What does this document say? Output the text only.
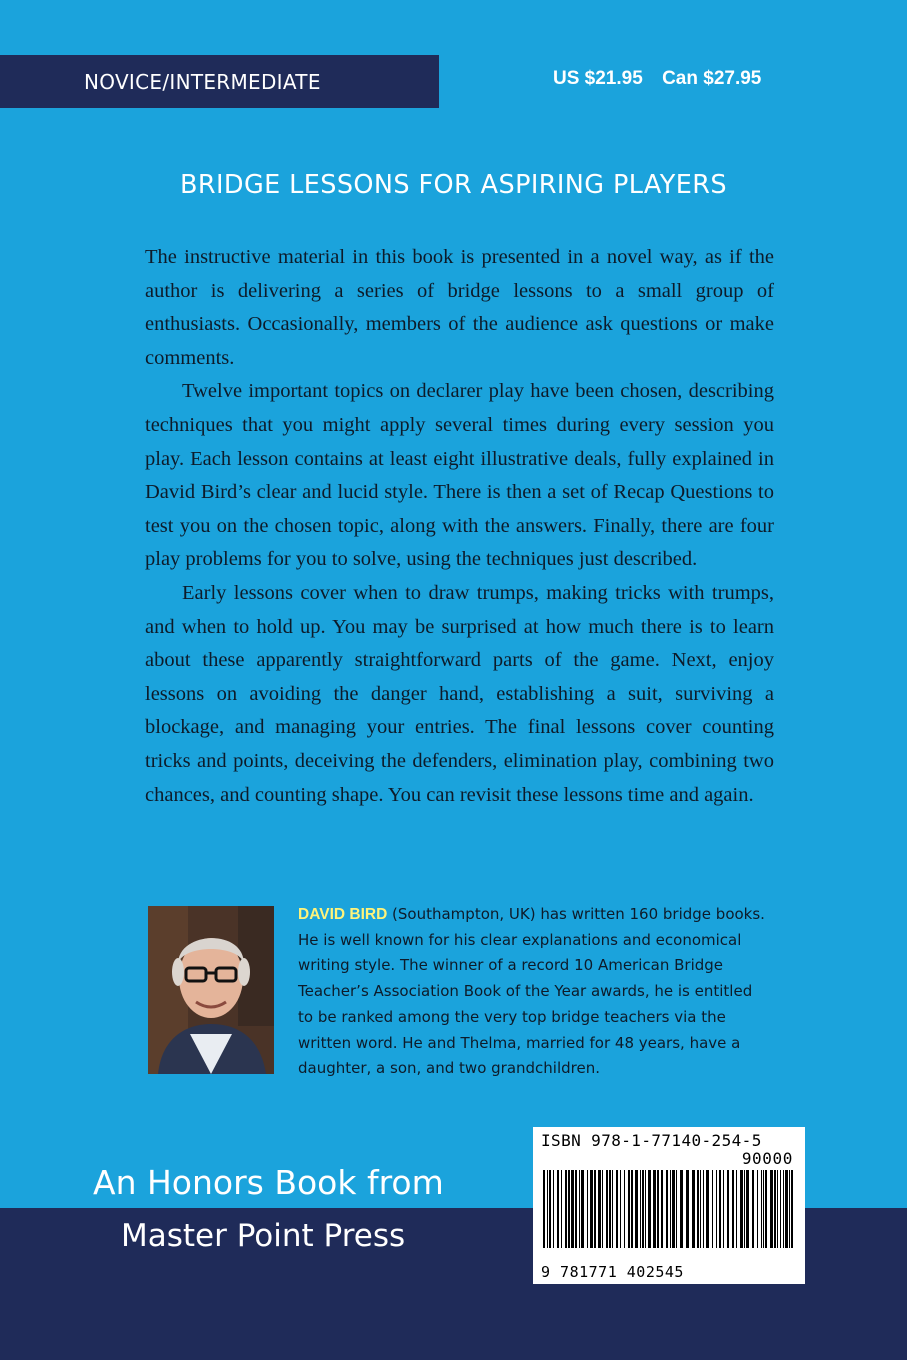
NOVICE/INTERMEDIATE	US $21.95 Can $27.95
BRIDGE LESSONS FOR ASPIRING PLAYERS

The instructive material in this book is presented in a novel way, as if the author is delivering a series of bridge lessons to a small group of enthusiasts. Occasionally, members of the audience ask questions or make comments.

Twelve important topics on declarer play have been chosen, describing techniques that you might apply several times during every session you play. Each lesson contains at least eight illustrative deals, fully explained in David Bird’s clear and lucid style. There is then a set of Recap Questions to test you on the chosen topic, along with the answers. Finally, there are four play problems for you to solve, using the techniques just described.

Early lessons cover when to draw trumps, making tricks with trumps, and when to hold up. You may be surprised at how much there is to learn about these apparently straightforward parts of the game. Next, enjoy lessons on avoiding the danger hand, establishing a suit, surviving a blockage, and managing your entries. The final lessons cover counting tricks and points, deceiving the defenders, elimination play, combining two chances, and counting shape. You can revisit these lessons time and again.

DAVID BIRD (Southampton, UK) has written 160 bridge books. He is well known for his clear explanations and economical writing style. The winner of a record 10 American Bridge Teacher’s Association Book of the Year awards, he is entitled to be ranked among the very top bridge teachers via the written word. He and Thelma, married for 48 years, have a daughter, a son, and two grandchildren.
An Honors Book from
Master Point Press
ISBN 978-1-77140-254-5
90000
9 781771 402545
